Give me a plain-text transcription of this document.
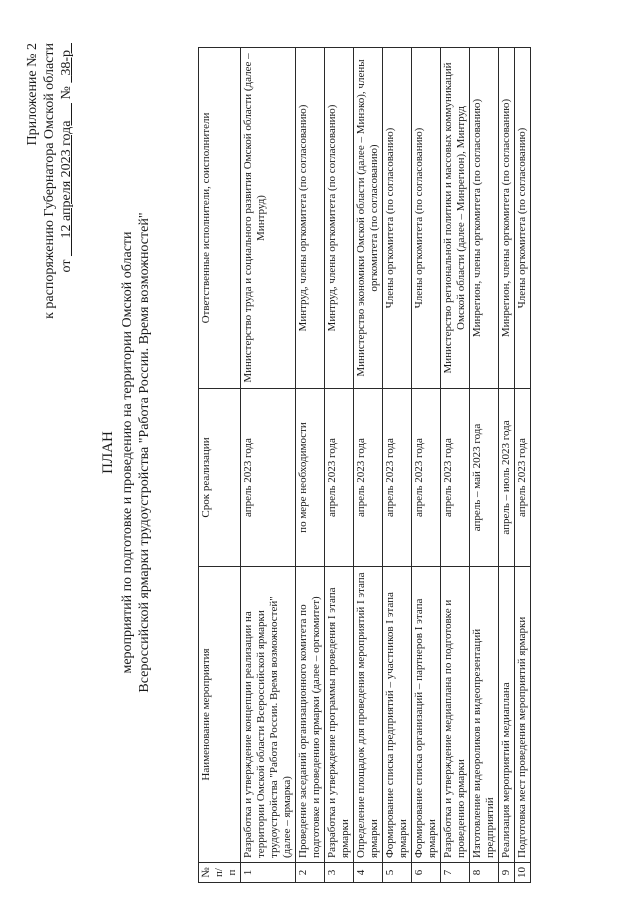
Приложение № 2 к распоряжению Губернатора Омской области от      12 апреля 2023 года      №   38-р
ПЛАН мероприятий по подготовке и проведению на территории Омской области Всероссийской ярмарки трудоустройства "Работа России. Время возможностей"
№ п/п	Наименование мероприятия	Срок реализации	Ответственные исполнители, соисполнители
1	Разработка и утверждение концепции реализации на территории Омской области Всероссийской ярмарки трудоустройства "Работа России. Время возможностей" (далее – ярмарка)	апрель 2023 года	Министерство труда и социального развития Омской области (далее – Минтруд)
2	Проведение заседаний организационного комитета по подготовке и проведению ярмарки (далее – оргкомитет)	по мере необходимости	Минтруд, члены оргкомитета (по согласованию)
3	Разработка и утверждение программы проведения I этапа ярмарки	апрель 2023 года	Минтруд, члены оргкомитета (по согласованию)
4	Определение площадок для проведения мероприятий I этапа ярмарки	апрель 2023 года	Министерство экономики Омской области (далее – Минэко), члены оргкомитета (по согласованию)
5	Формирование списка предприятий – участников I этапа ярмарки	апрель 2023 года	Члены оргкомитета (по согласованию)
6	Формирование списка организаций – партнеров I этапа ярмарки	апрель 2023 года	Члены оргкомитета (по согласованию)
7	Разработка и утверждение медиаплана по подготовке и проведению ярмарки	апрель 2023 года	Министерство региональной политики и массовых коммуникаций Омской области (далее – Минрегион), Минтруд
8	Изготовление видеороликов и видеопрезентаций предприятий	апрель – май 2023 года	Минрегион, члены оргкомитета (по согласованию)
9	Реализация мероприятий медиаплана	апрель – июль 2023 года	Минрегион, члены оргкомитета (по согласованию)
10	Подготовка мест проведения мероприятий ярмарки	апрель 2023 года	Члены оргкомитета (по согласованию)
